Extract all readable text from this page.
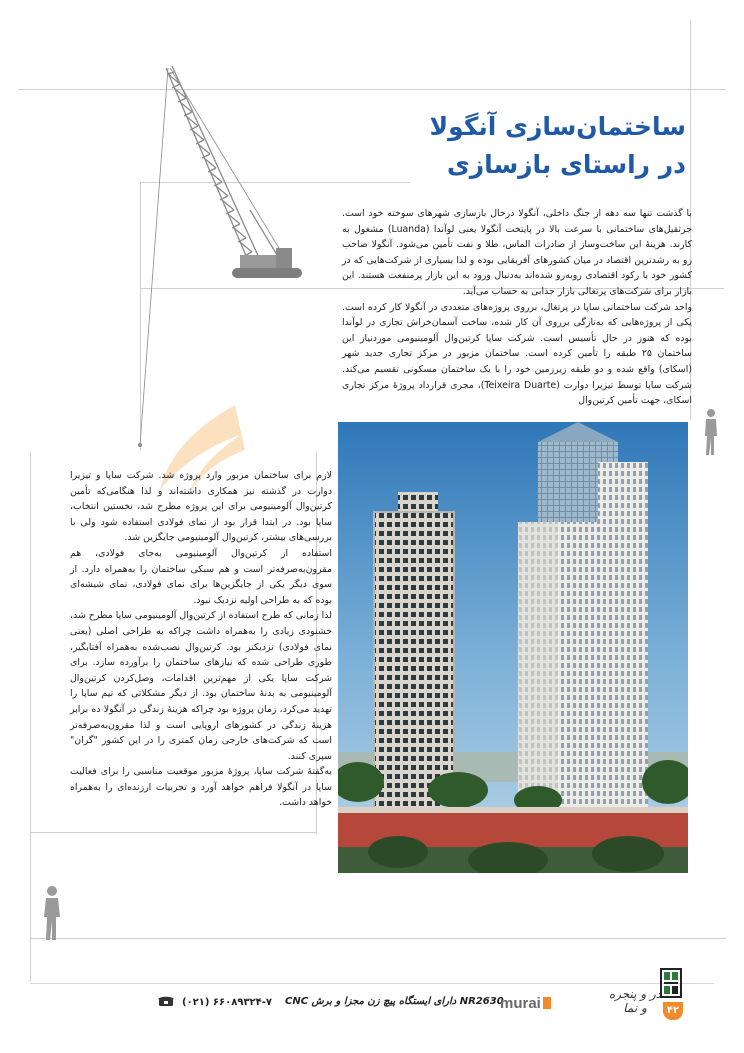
ساختمان‌سازی آنگولا
در راستای بازسازی

با گذشت تنها سه دهه از جنگ داخلی، آنگولا درحال بازسازی شهرهای سوخته خود است. جرثقیل‌های ساختمانی با سرعت بالا در پایتخت آنگولا یعنی لوآندا (Luanda) مشغول به کارند. هزینۀ این ساخت‌وساز از صادرات الماس، طلا و نفت تأمین می‌شود. آنگولا صاحب رو به رشدترین اقتصاد در میان کشورهای آفریقایی بوده و لذا بسیاری از شرکت‌هایی که در کشور خود با رکود اقتصادی روبه‌رو شده‌اند به‌دنبال ورود به این بازار پرمنفعت هستند. این بازار برای شرکت‌های پرتغالی بازار جذابی به حساب می‌آید.

واحد شرکت ساختمانی ساپا در پرتغال، برروی پروژه‌های متعددی در آنگولا کار کرده است. یکی از پروژه‌هایی که به‌تازگی برروی آن کار شده، ساخت آسمان‌خراش تجاری در لوآندا بوده که هنوز در حال تأسیس است. شرکت ساپا کرتین‌وال آلومینیومی موردنیاز این ساختمان ۲۵ طبقه را تأمین کرده است. ساختمان مزبور در مرکز تجاری جدید شهر (اسکای) واقع شده و دو طبقه زیرزمین خود را با یک ساختمان مسکونی تقسیم می‌کند. شرکت ساپا توسط تیزیرا دوارت (Teixeira Duarte)، مجری قرارداد پروژۀ مرکز تجاری اسکای، جهت تأمین کرتین‌وال

لازم برای ساختمان مزبور وارد پروژه شد. شرکت ساپا و تیزیرا دوارت در گذشته نیز همکاری داشته‌اند و لذا هنگامی‌که تأمین کرتین‌وال آلومینیومی برای این پروژه مطرح شد، نخستین انتخاب، ساپا بود. در ابتدا قرار بود از نمای فولادی استفاده شود ولی با بررسی‌های بیشتر، کرتین‌وال آلومینیومی جایگزین شد.

استفاده از کرتین‌وال آلومینیومی به‌جای فولادی، هم مقرون‌به‌صرفه‌تر است و هم سبکی ساختمان را به‌همراه دارد. از سوی دیگر یکی از جایگزین‌ها برای نمای فولادی، نمای شیشه‌ای بوده که به طراحی اولیه نزدیک نبود.

لذا زمانی که طرح استفاده از کرتین‌وال آلومینیومی ساپا مطرح شد، خشنودی زیادی را به‌همراه داشت چراکه به طراحی اصلی (یعنی نمای فولادی) نزدیکتر بود. کرتین‌وال نصب‌شده به‌همراه آفتابگیر، طوری طراحی شده که نیازهای ساختمان را برآورده سازد. برای شرکت ساپا یکی از مهم‌ترین اقدامات، وصل‌کردن کرتین‌وال آلومینیومی به بدنۀ ساختمان بود. از دیگر مشکلاتی که تیم ساپا را تهدید می‌کرد، زمان پروژه بود چراکه هزینۀ زندگی در آنگولا ده برابر هزینۀ زندگی در کشورهای اروپایی است و لذا مقرون‌به‌صرفه‌تر است که شرکت‌های خارجی زمان کمتری را در این کشور "گران" سپری کنند.

به‌گفتۀ شرکت ساپا، پروژۀ مزبور موقعیت مناسبی را برای فعالیت ساپا در آنگولا فراهم خواهد آورد و تجربیات ارزنده‌ای را به‌همراه خواهد داشت.

(۰۲۱) ۶۶۰۸۹۳۲۴-۷ NR2630 دارای ایستگاه پیچ زن مجزا و برش CNC
murai
در و پنجره و نما	۴۲
